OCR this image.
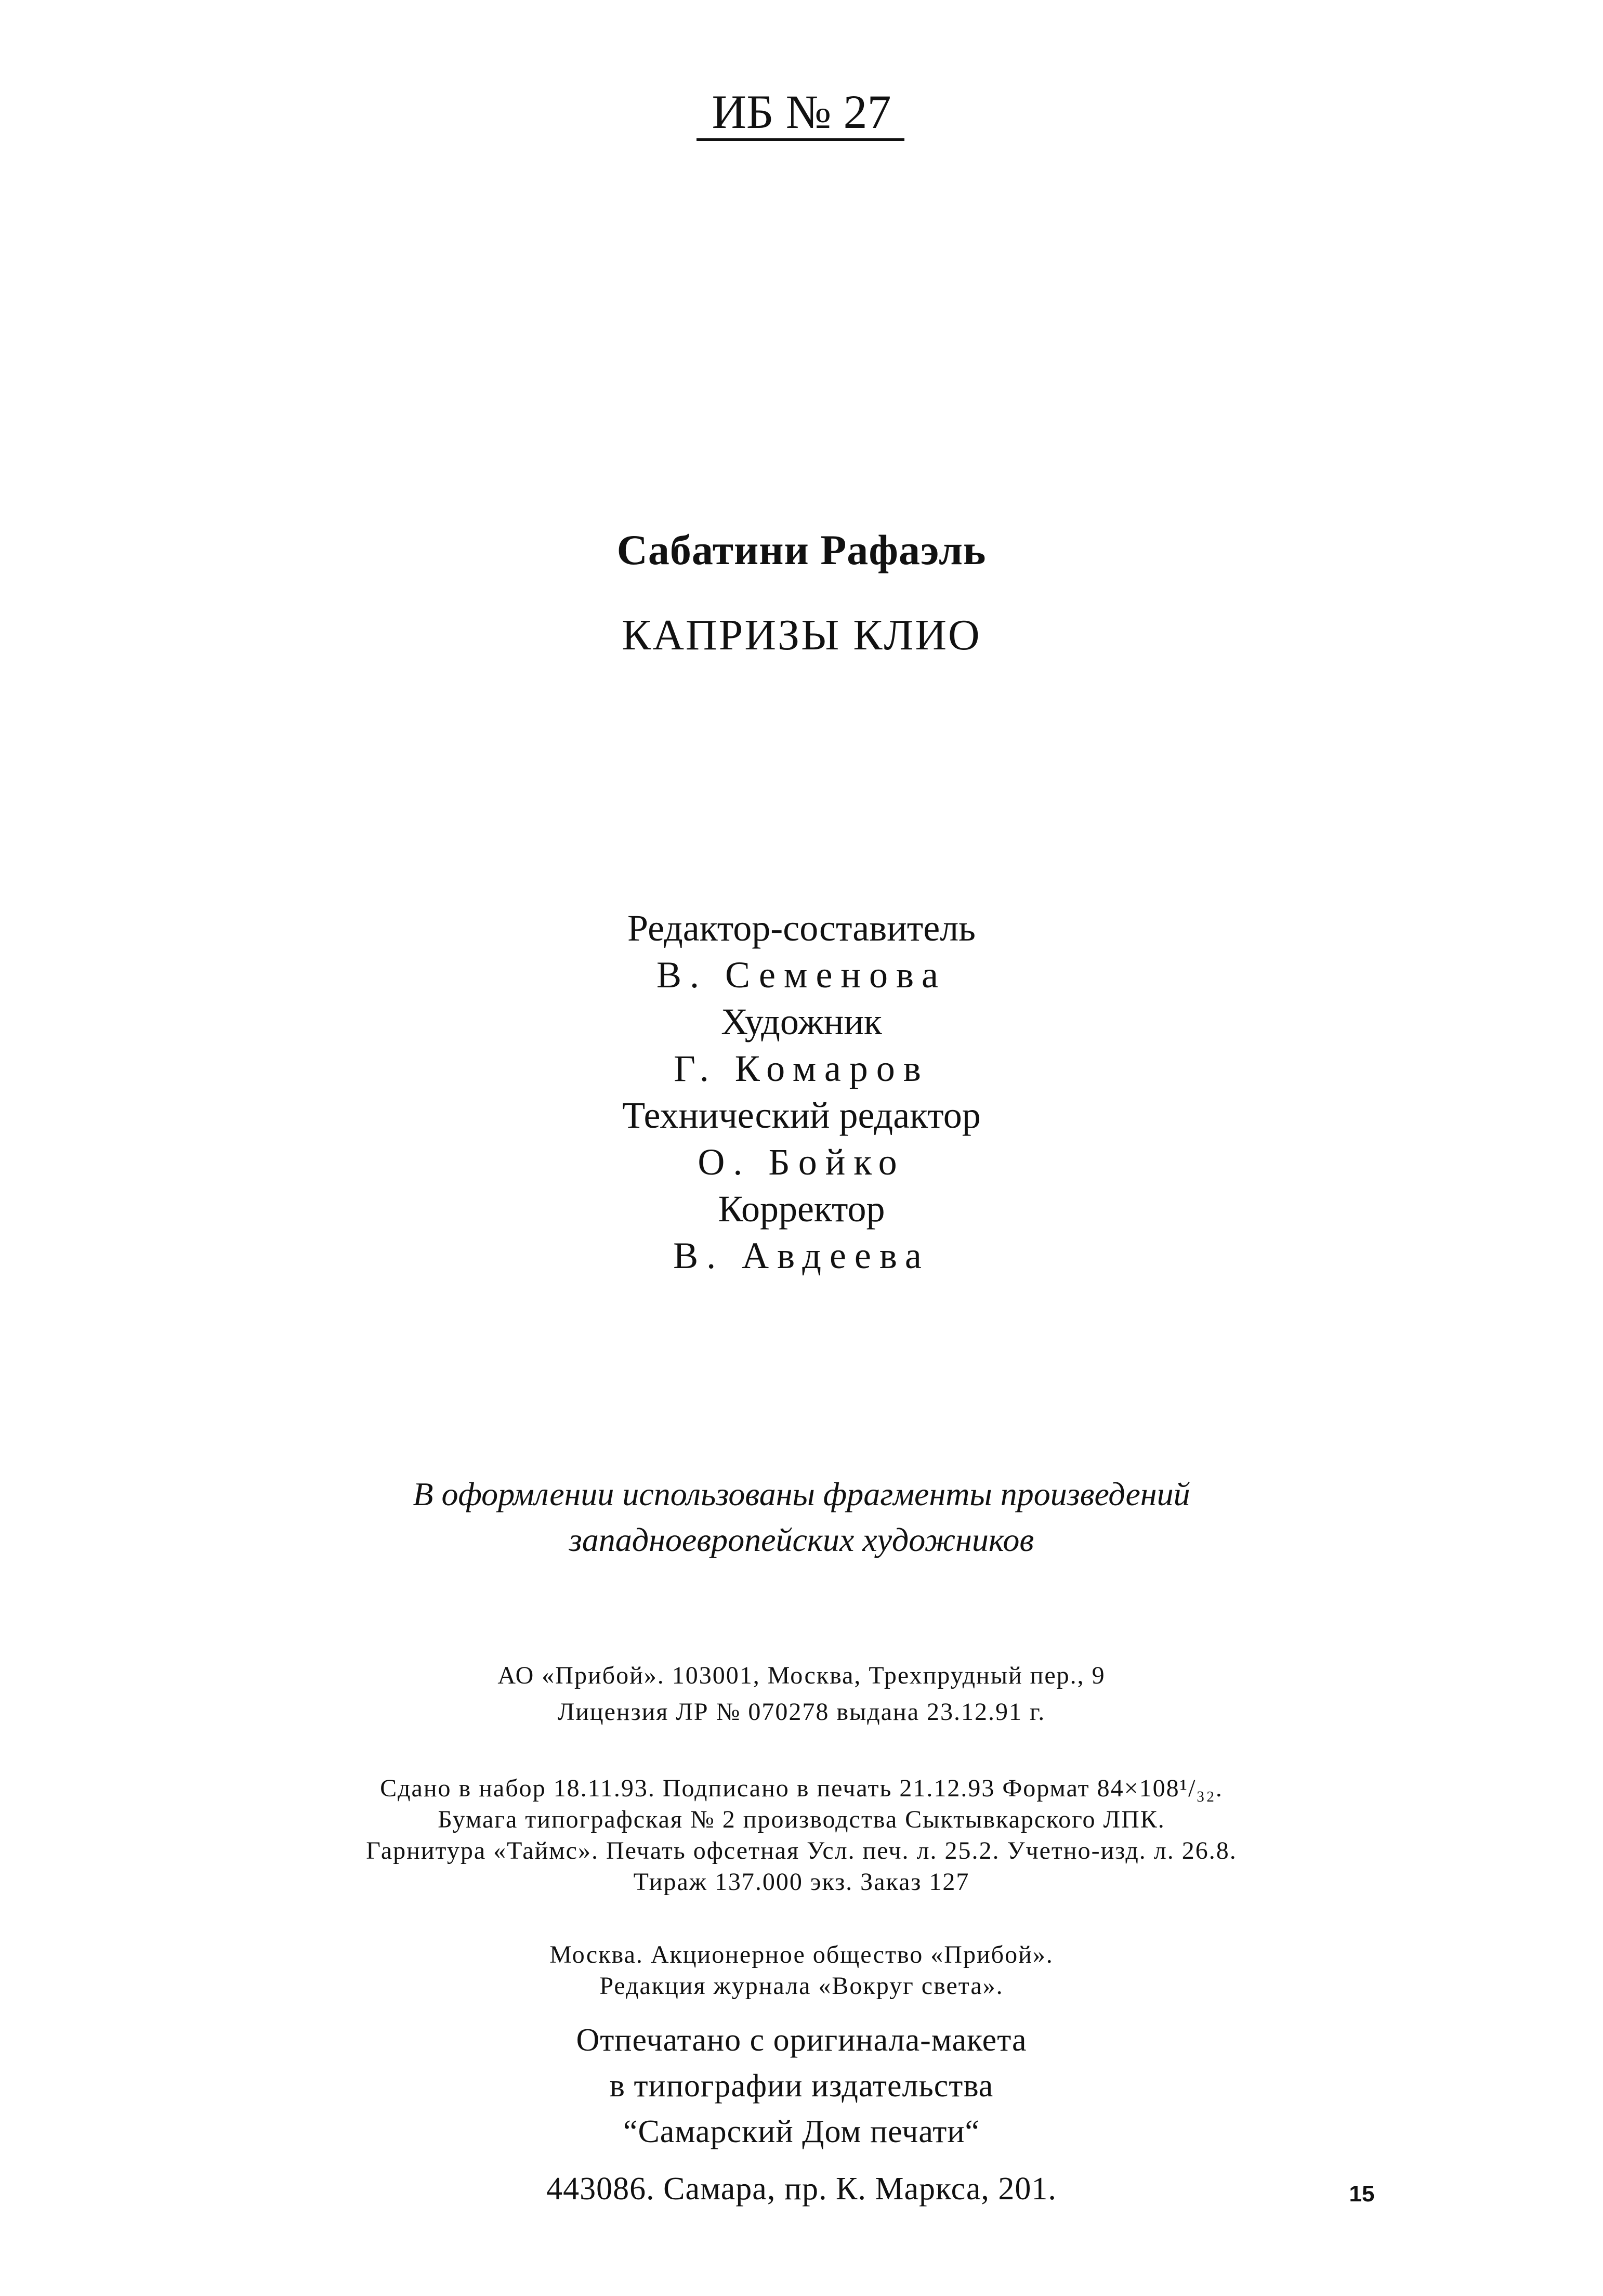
ИБ № 27
Сабатини Рафаэль
КАПРИЗЫ КЛИО
Редактор-составитель
В. Семенова
Художник
Г. Комаров
Технический редактор
О. Бойко
Корректор
В. Авдеева
В оформлении использованы фрагменты произведений
западноевропейских художников
АО «Прибой». 103001, Москва, Трехпрудный пер., 9
Лицензия ЛР № 070278 выдана 23.12.91 г.
Сдано в набор 18.11.93. Подписано в печать 21.12.93 Формат 84×108¹/₃₂.
Бумага типографская № 2 производства Сыктывкарского ЛПК.
Гарнитура «Таймс». Печать офсетная Усл. печ. л. 25.2. Учетно-изд. л. 26.8.
Тираж 137.000 экз. Заказ 127
Москва. Акционерное общество «Прибой».
Редакция журнала «Вокруг света».
Отпечатано с оригинала-макета
в типографии издательства
“Самарский Дом печати“
443086. Самара, пр. К. Маркса, 201.	15
